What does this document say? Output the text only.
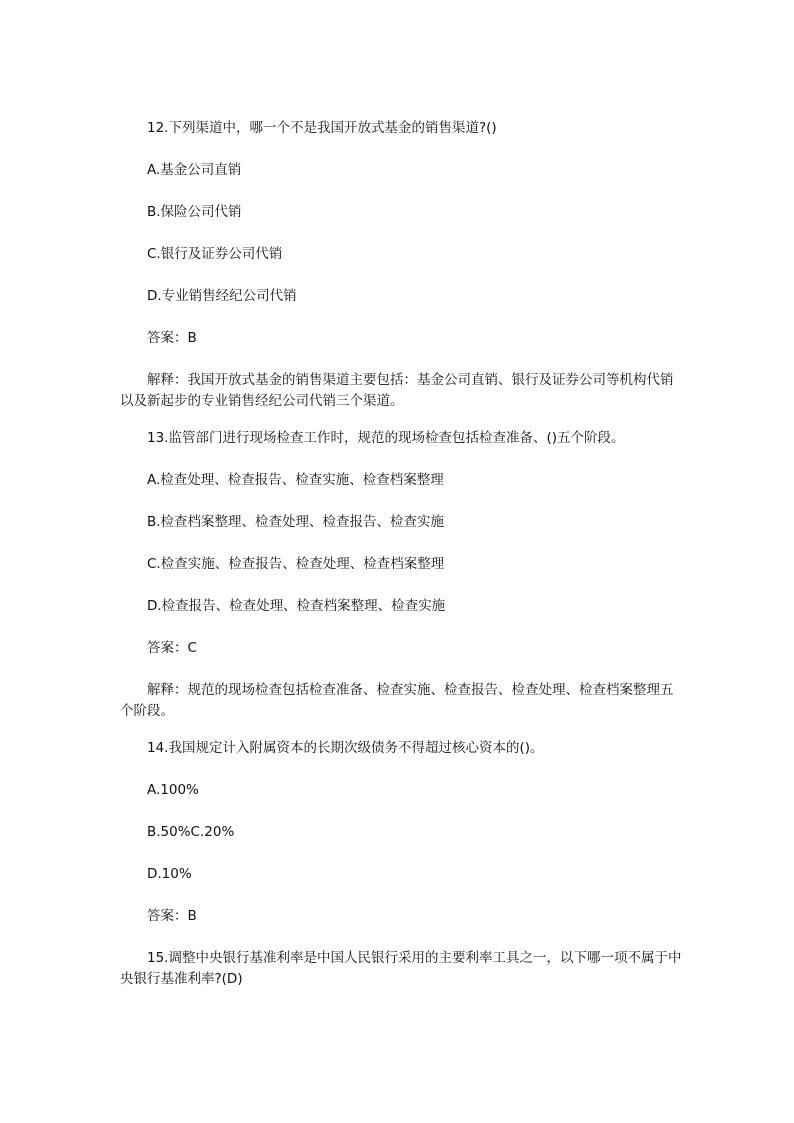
12.下列渠道中，哪一个不是我国开放式基金的销售渠道?()

A.基金公司直销

B.保险公司代销

C.银行及证券公司代销

D.专业销售经纪公司代销

答案：B

解释：我国开放式基金的销售渠道主要包括：基金公司直销、银行及证券公司等机构代销以及新起步的专业销售经纪公司代销三个渠道。

13.监管部门进行现场检查工作时，规范的现场检查包括检查准备、()五个阶段。

A.检查处理、检查报告、检查实施、检查档案整理

B.检查档案整理、检查处理、检查报告、检查实施

C.检查实施、检查报告、检查处理、检查档案整理

D.检查报告、检查处理、检查档案整理、检查实施

答案：C

解释：规范的现场检查包括检查准备、检查实施、检查报告、检查处理、检查档案整理五个阶段。

14.我国规定计入附属资本的长期次级债务不得超过核心资本的()。

A.100%

B.50%C.20%

D.10%

答案：B

15.调整中央银行基准利率是中国人民银行采用的主要利率工具之一，以下哪一项不属于中央银行基准利率?(D)
